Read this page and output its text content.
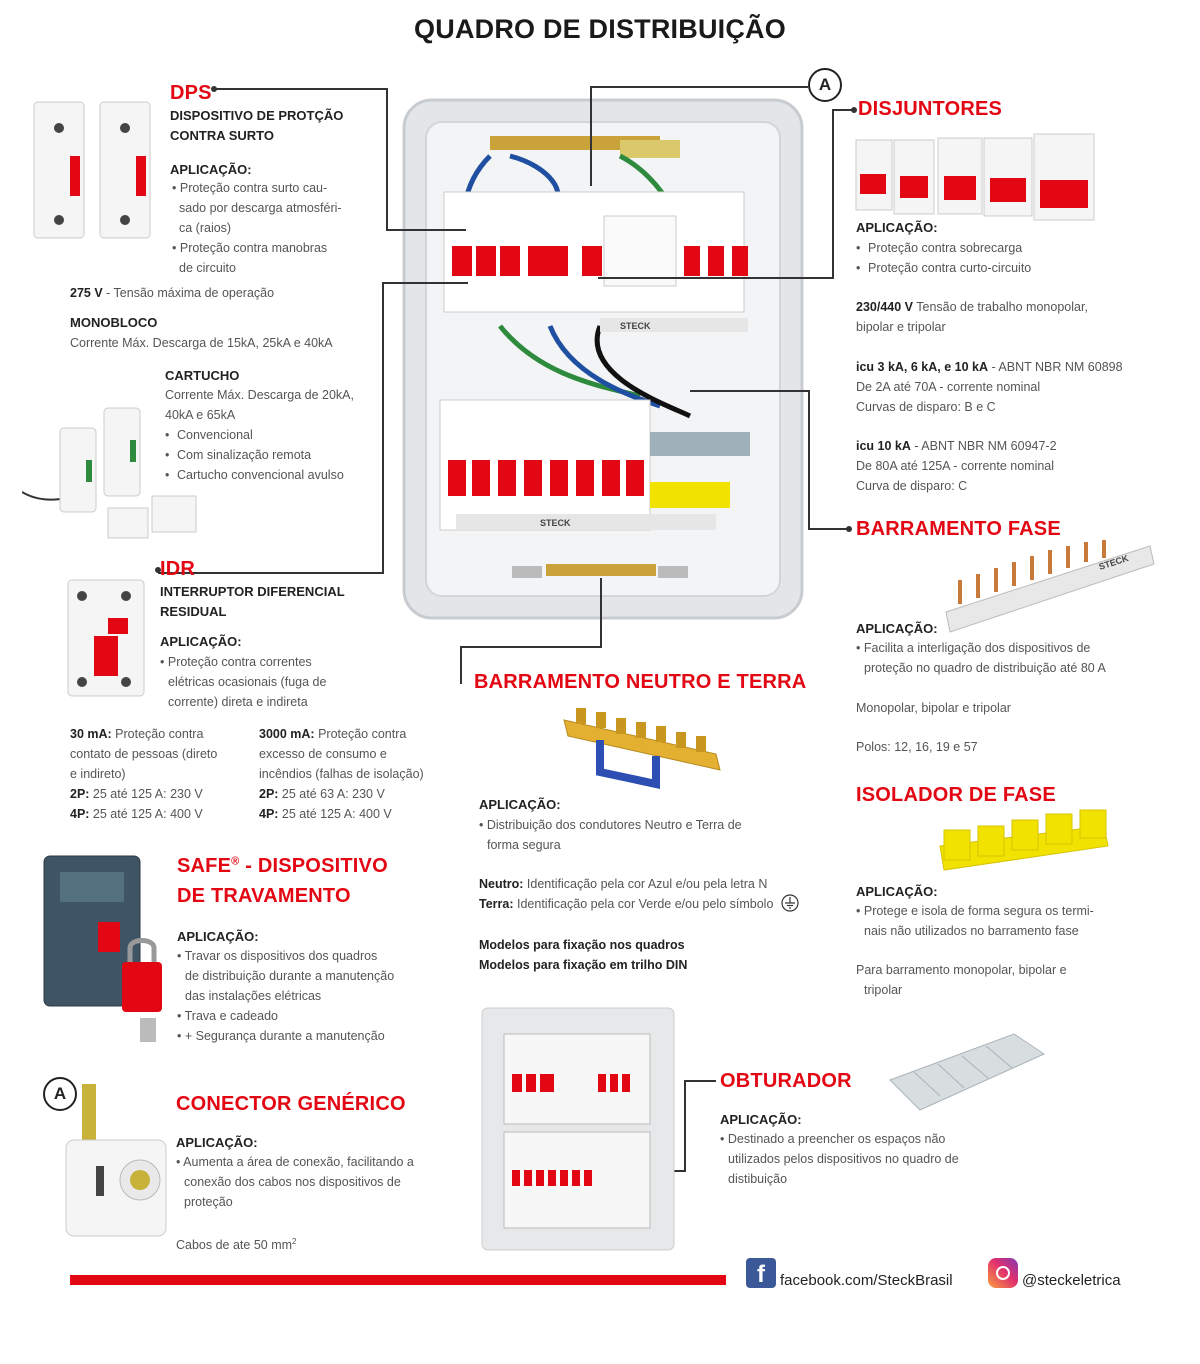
QUADRO DE DISTRIBUIÇÃO
STECK
STECK
A
DPS
DISPOSITIVO DE PROTÇÃO
CONTRA SURTO
APLICAÇÃO:
• Proteção contra surto cau-
sado por descarga atmosféri-
ca (raios)
• Proteção contra manobras
de circuito
275 V - Tensão máxima de operação
MONOBLOCO
Corrente Máx. Descarga de 15kA, 25kA e 40kA
CARTUCHO
Corrente Máx. Descarga de 20kA,
40kA e 65kA
• Convencional
• Com sinalização remota
• Cartucho convencional avulso
IDR
INTERRUPTOR DIFERENCIAL
RESIDUAL
APLICAÇÃO:
• Proteção contra correntes
elétricas ocasionais (fuga de
corrente) direta e indireta
30 mA: Proteção contra
contato de pessoas (direto
e indireto)
2P: 25 até 125 A: 230 V
4P: 25 até 125 A: 400 V
3000 mA: Proteção contra
excesso de consumo e
incêndios (falhas de isolação)
2P: 25 até 63 A: 230 V
4P: 25 até 125 A: 400 V
SAFE® - DISPOSITIVO
DE TRAVAMENTO
APLICAÇÃO:
• Travar os dispositivos dos quadros
de distribuição durante a manutenção
das instalações elétricas
• Trava e cadeado
• + Segurança durante a manutenção
A	CONECTOR GENÉRICO
APLICAÇÃO:
• Aumenta a área de conexão, facilitando a
conexão dos cabos nos dispositivos de
proteção
Cabos de ate 50 $mm^2$
DISJUNTORES
APLICAÇÃO:
• Proteção contra sobrecarga
• Proteção contra curto-circuito
230/440 V Tensão de trabalho monopolar,
bipolar e tripolar
icu 3 kA, 6 kA, e 10 kA - ABNT NBR NM 60898
De 2A até 70A - corrente nominal
Curvas de disparo: B e C
icu 10 kA - ABNT NBR NM 60947-2
De 80A até 125A - corrente nominal
Curva de disparo: C
BARRAMENTO FASE
STECK
APLICAÇÃO:
• Facilita a interligação dos dispositivos de
proteção no quadro de distribuição até 80 A
Monopolar, bipolar e tripolar
Polos: 12, 16, 19 e 57
ISOLADOR DE FASE
APLICAÇÃO:
• Protege e isola de forma segura os termi-
nais não utilizados no barramento fase
Para barramento monopolar, bipolar e
tripolar
BARRAMENTO NEUTRO E TERRA
APLICAÇÃO:
• Distribuição dos condutores Neutro e Terra de
forma segura
Neutro: Identificação pela cor Azul e/ou pela letra N
Terra: Identificação pela cor Verde e/ou pelo símbolo
Modelos para fixação nos quadros
Modelos para fixação em trilho DIN
OBTURADOR
APLICAÇÃO:
• Destinado a preencher os espaços não
utilizados pelos dispositivos no quadro de
distibuição
f	facebook.com/SteckBrasil	@steckeletrica
